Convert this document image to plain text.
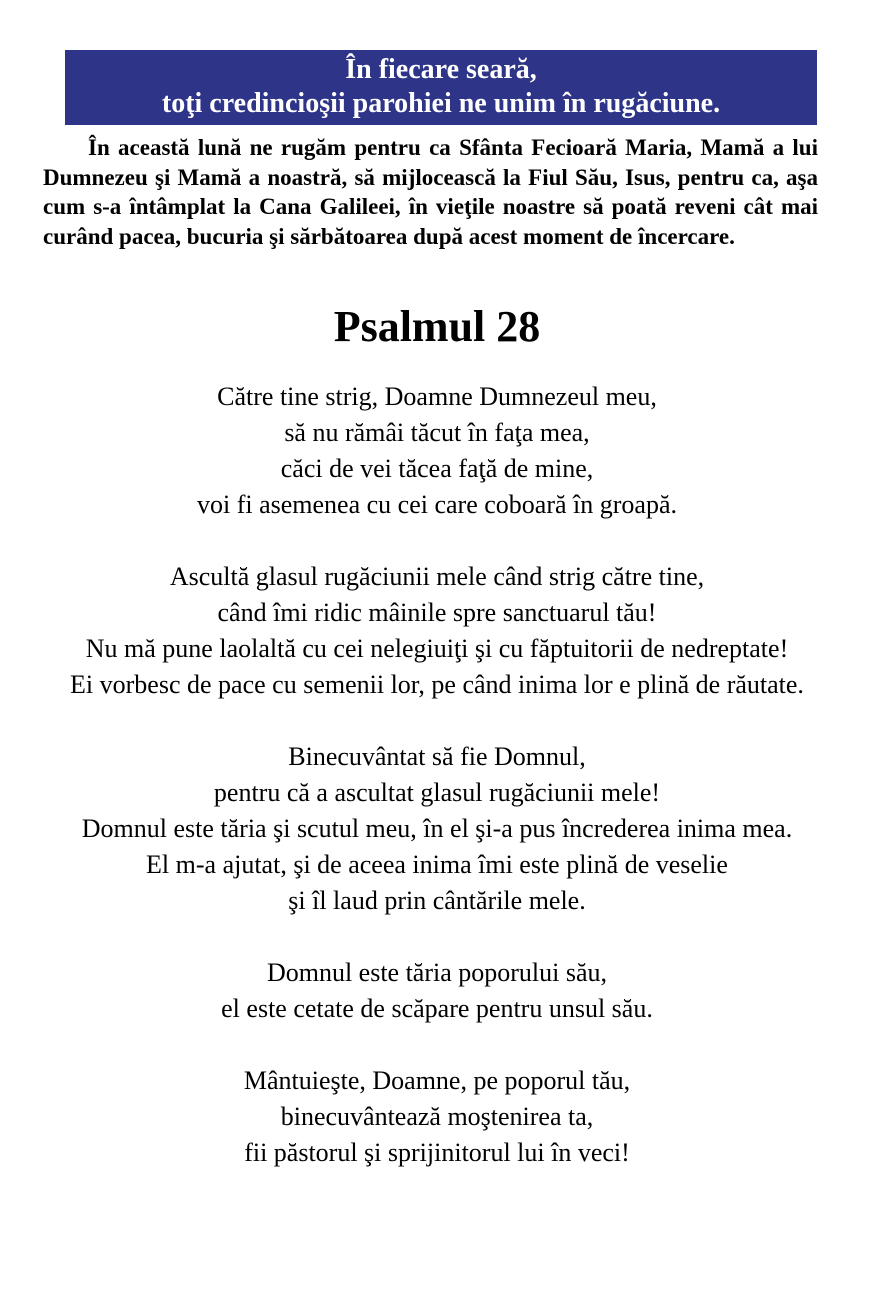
În fiecare seară,
toţi credincioşii parohiei ne unim în rugăciune.

În această lună ne rugăm pentru ca Sfânta Fecioară Maria, Mamă a lui Dumnezeu şi Mamă a noastră, să mijlocească la Fiul Său, Isus, pentru ca, aşa cum s-a întâmplat la Cana Galileei, în vieţile noastre să poată reveni cât mai curând pacea, bucuria şi sărbătoarea după acest moment de încercare.

Psalmul 28
Către tine strig, Doamne Dumnezeul meu,
să nu rămâi tăcut în faţa mea,
căci de vei tăcea faţă de mine,
voi fi asemenea cu cei care coboară în groapă.
Ascultă glasul rugăciunii mele când strig către tine,
când îmi ridic mâinile spre sanctuarul tău!
Nu mă pune laolaltă cu cei nelegiuiţi şi cu făptuitorii de nedreptate!
Ei vorbesc de pace cu semenii lor, pe când inima lor e plină de răutate.
Binecuvântat să fie Domnul,
pentru că a ascultat glasul rugăciunii mele!
Domnul este tăria şi scutul meu, în el şi-a pus încrederea inima mea.
El m-a ajutat, şi de aceea inima îmi este plină de veselie
şi îl laud prin cântările mele.
Domnul este tăria poporului său,
el este cetate de scăpare pentru unsul său.
Mântuieşte, Doamne, pe poporul tău,
binecuvântează moştenirea ta,
fii păstorul şi sprijinitorul lui în veci!
